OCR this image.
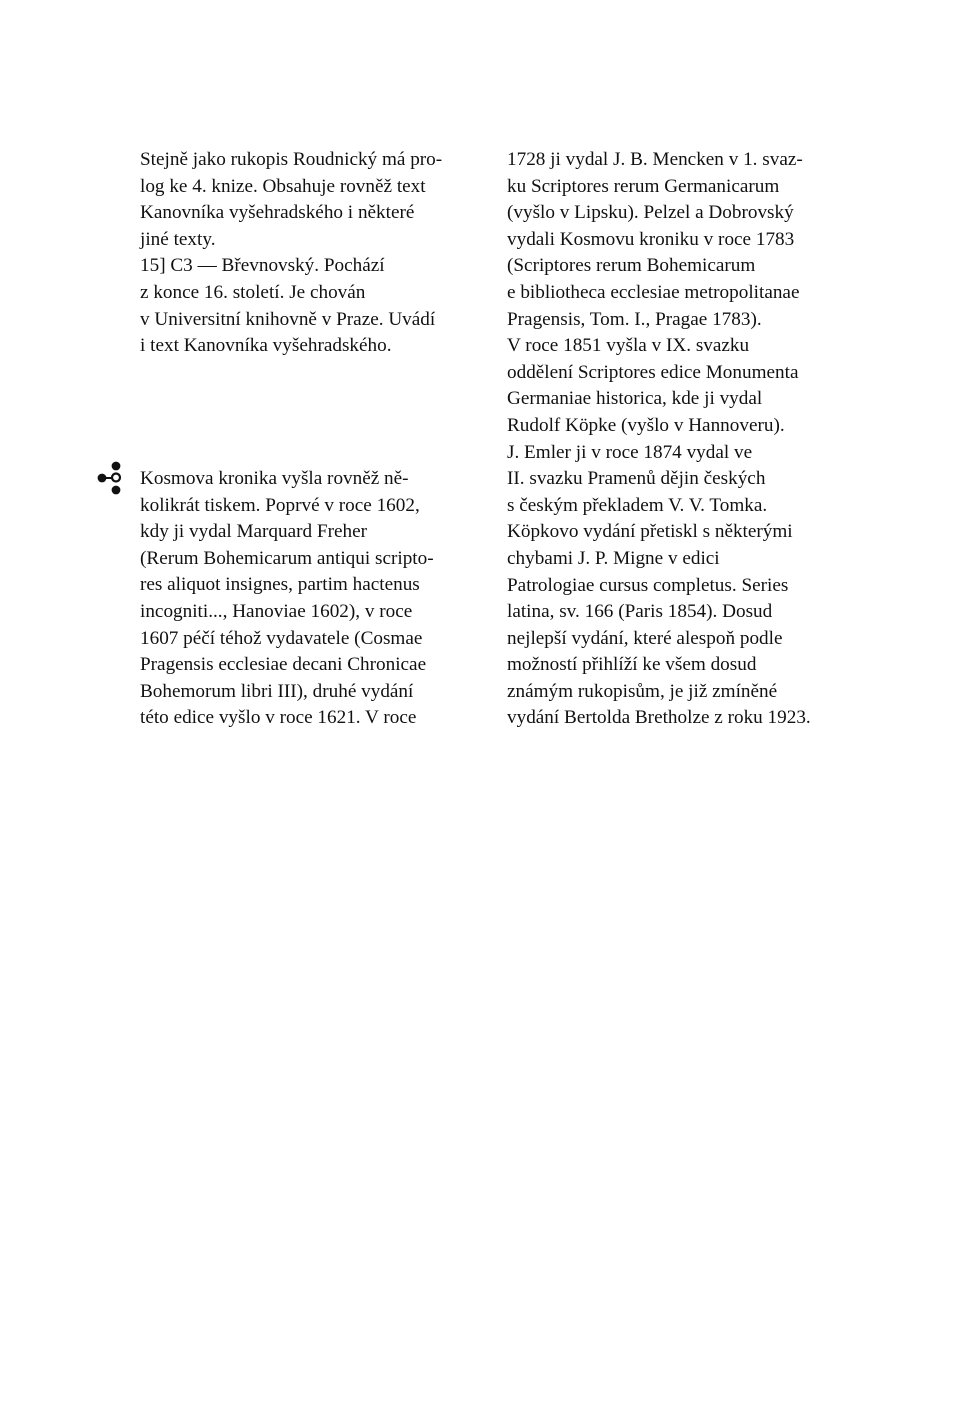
Stejně jako rukopis Roudnický má pro-
log ke 4. knize. Obsahuje rovněž text
Kanovníka vyšehradského i některé
jiné texty.
15] C3 — Břevnovský. Pochází
z konce 16. století. Je chován
v Universitní knihovně v Praze. Uvádí
i text Kanovníka vyšehradského.
Kosmova kronika vyšla rovněž ně-
kolikrát tiskem. Poprvé v roce 1602,
kdy ji vydal Marquard Freher
(Rerum Bohemicarum antiqui scripto-
res aliquot insignes, partim hactenus
incogniti..., Hanoviae 1602), v roce
1607 péčí téhož vydavatele (Cosmae
Pragensis ecclesiae decani Chronicae
Bohemorum libri III), druhé vydání
této edice vyšlo v roce 1621. V roce
1728 ji vydal J. B. Mencken v 1. svaz-
ku Scriptores rerum Germanicarum
(vyšlo v Lipsku). Pelzel a Dobrovský
vydali Kosmovu kroniku v roce 1783
(Scriptores rerum Bohemicarum
e bibliotheca ecclesiae metropolitanae
Pragensis, Tom. I., Pragae 1783).
V roce 1851 vyšla v IX. svazku
oddělení Scriptores edice Monumenta
Germaniae historica, kde ji vydal
Rudolf Köpke (vyšlo v Hannoveru).
J. Emler ji v roce 1874 vydal ve
II. svazku Pramenů dějin českých
s českým překladem V. V. Tomka.
Köpkovo vydání přetiskl s některými
chybami J. P. Migne v edici
Patrologiae cursus completus. Series
latina, sv. 166 (Paris 1854). Dosud
nejlepší vydání, které alespoň podle
možností přihlíží ke všem dosud
známým rukopisům, je již zmíněné
vydání Bertolda Bretholze z roku 1923.
